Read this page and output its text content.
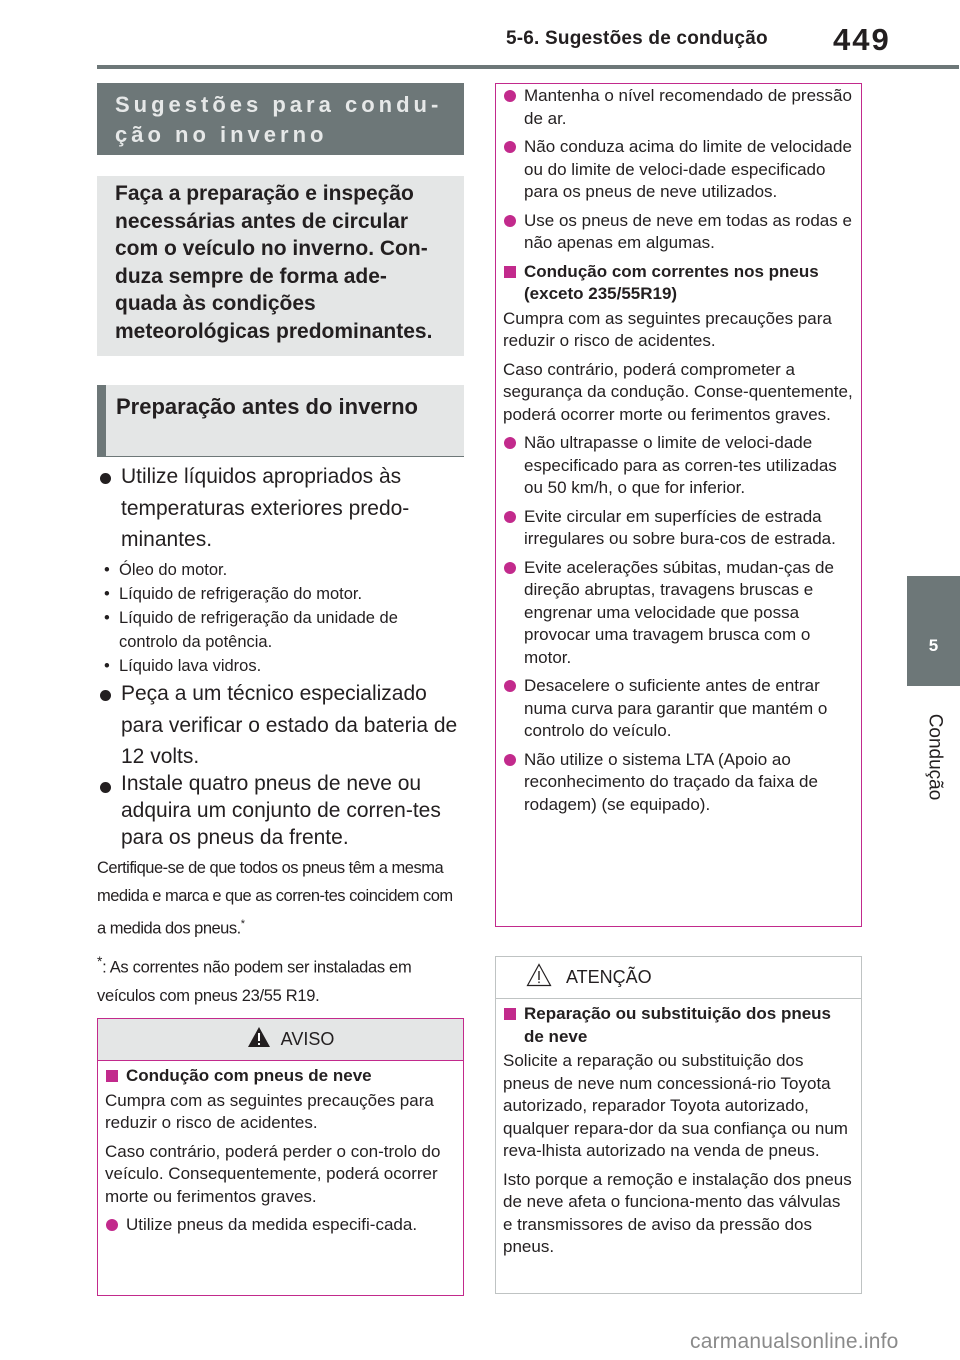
5-6. Sugestões de condução 449
5
Condução
Sugestões para condu-
ção no inverno
Faça a preparação e inspeção necessárias antes de circular com o veículo no inverno. Con-duza sempre de forma ade-quada às condições meteorológicas predominantes.
Preparação antes do inverno
Utilize líquidos apropriados às temperaturas exteriores predo-minantes.
• Óleo do motor.
• Líquido de refrigeração do motor.
• Líquido de refrigeração da unidade de controlo da potência.
• Líquido lava vidros.
Peça a um técnico especializado para verificar o estado da bateria de 12 volts.
Instale quatro pneus de neve ou adquira um conjunto de corren-tes para os pneus da frente.
Certifique-se de que todos os pneus têm a mesma medida e marca e que as corren-tes coincidem com a medida dos pneus.*
*: As correntes não podem ser instaladas em veículos com pneus 23/55 R19.
AVISO
Condução com pneus de neve
Cumpra com as seguintes precauções para reduzir o risco de acidentes.
Caso contrário, poderá perder o con-trolo do veículo. Consequentemente, poderá ocorrer morte ou ferimentos graves.
Utilize pneus da medida especifi-cada.
Mantenha o nível recomendado de pressão de ar.
Não conduza acima do limite de velocidade ou do limite de veloci-dade especificado para os pneus de neve utilizados.
Use os pneus de neve em todas as rodas e não apenas em algumas.
Condução com correntes nos pneus (exceto 235/55R19)
Cumpra com as seguintes precauções para reduzir o risco de acidentes.
Caso contrário, poderá comprometer a segurança da condução. Conse-quentemente, poderá ocorrer morte ou ferimentos graves.
Não ultrapasse o limite de veloci-dade especificado para as corren-tes utilizadas ou 50 km/h, o que for inferior.
Evite circular em superfícies de estrada irregulares ou sobre bura-cos de estrada.
Evite acelerações súbitas, mudan-ças de direção abruptas, travagens bruscas e engrenar uma velocidade que possa provocar uma travagem brusca com o motor.
Desacelere o suficiente antes de entrar numa curva para garantir que mantém o controlo do veículo.
Não utilize o sistema LTA (Apoio ao reconhecimento do traçado da faixa de rodagem) (se equipado).
ATENÇÃO
Reparação ou substituição dos pneus de neve
Solicite a reparação ou substituição dos pneus de neve num concessioná-rio Toyota autorizado, reparador Toyota autorizado, qualquer repara-dor da sua confiança ou num reva-lhista autorizado na venda de pneus.
Isto porque a remoção e instalação dos pneus de neve afeta o funciona-mento das válvulas e transmissores de aviso da pressão dos pneus.
carmanualsonline.info
